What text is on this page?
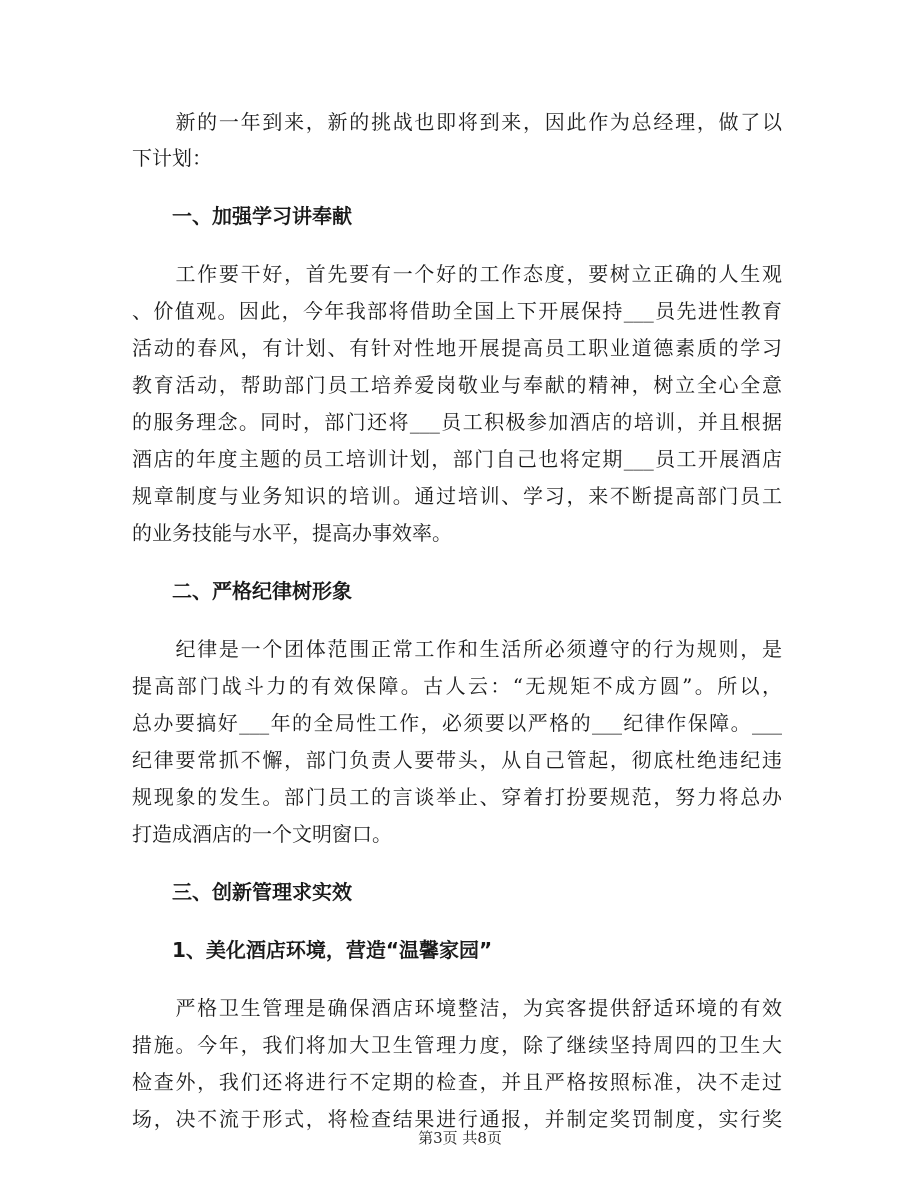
　　新的一年到来，新的挑战也即将到来，因此作为总经理，做了以
下计划：
　　一、加强学习讲奉献
　　工作要干好，首先要有一个好的工作态度，要树立正确的人生观
、价值观。因此，今年我部将借助全国上下开展保持___员先进性教育
活动的春风，有计划、有针对性地开展提高员工职业道德素质的学习
教育活动，帮助部门员工培养爱岗敬业与奉献的精神，树立全心全意
的服务理念。同时，部门还将___员工积极参加酒店的培训，并且根据
酒店的年度主题的员工培训计划，部门自己也将定期___员工开展酒店
规章制度与业务知识的培训。通过培训、学习，来不断提高部门员工
的业务技能与水平，提高办事效率。
　　二、严格纪律树形象
　　纪律是一个团体范围正常工作和生活所必须遵守的行为规则，是
提高部门战斗力的有效保障。古人云：“无规矩不成方圆”。所以，
总办要搞好___年的全局性工作，必须要以严格的___纪律作保障。___
纪律要常抓不懈，部门负责人要带头，从自己管起，彻底杜绝违纪违
规现象的发生。部门员工的言谈举止、穿着打扮要规范，努力将总办
打造成酒店的一个文明窗口。
　　三、创新管理求实效
　　1、美化酒店环境，营造“温馨家园”
　　严格卫生管理是确保酒店环境整洁，为宾客提供舒适环境的有效
措施。今年，我们将加大卫生管理力度，除了继续坚持周四的卫生大
检查外，我们还将进行不定期的检查，并且严格按照标准，决不走过
场，决不流于形式，将检查结果进行通报，并制定奖罚制度，实行奖
第3页 共8页
